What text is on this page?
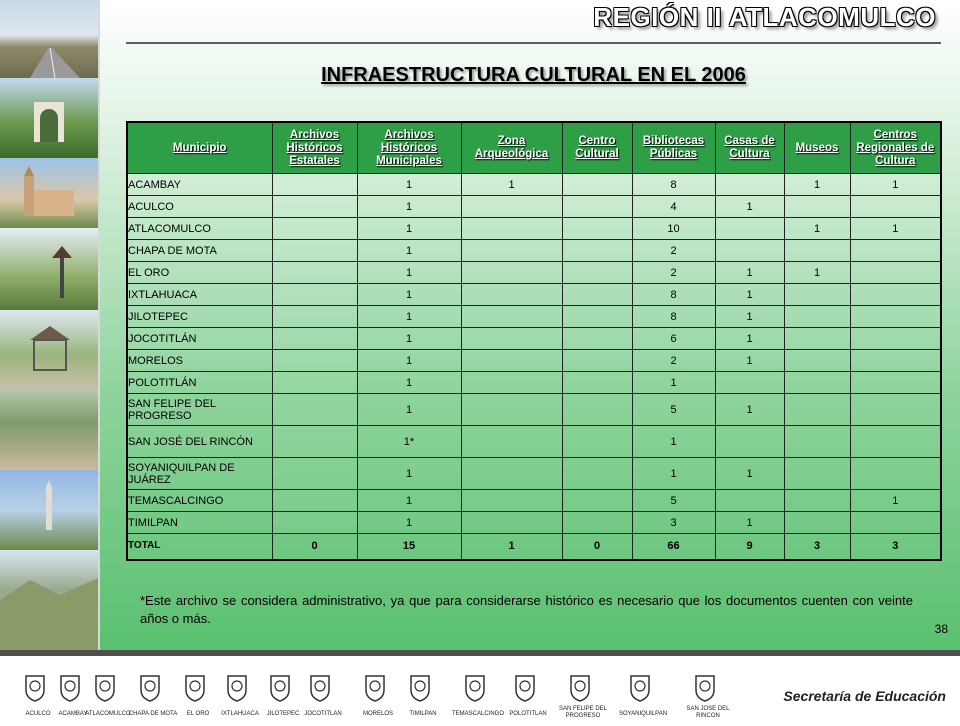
REGIÓN II ATLACOMULCO
INFRAESTRUCTURA CULTURAL EN EL 2006
Municipio	Archivos Históricos Estatales	Archivos Históricos Municipales	Zona Arqueológica	Centro Cultural	Bibliotecas Públicas	Casas de Cultura	Museos	Centros Regionales de Cultura
ACAMBAY		1	1		8		1	1
ACULCO		1			4	1		
ATLACOMULCO		1			10		1	1
CHAPA DE MOTA		1			2			
EL ORO		1			2	1	1	
IXTLAHUACA		1			8	1		
JILOTEPEC		1			8	1		
JOCOTITLÁN		1			6	1		
MORELOS		1			2	1		
POLOTITLÁN		1			1			
SAN FELIPE DEL PROGRESO		1			5	1		
SAN JOSÉ DEL RINCÓN		1*			1			
SOYANIQUILPAN DE JUÁREZ		1			1	1		
TEMASCALCINGO		1			5			1
TIMILPAN		1			3	1		
TOTAL	0	15	1	0	66	9	3	3
*Este archivo se considera administrativo, ya que para considerarse histórico es necesario que los documentos cuenten con veinte años o más.
38
ACULCO	ACAMBAY
ATLACOMULCO
CHAPA DE MOTA	EL ORO	IXTLAHUACA	JILOTEPEC JOCOTITLAN	MORELOS	TIMILPAN	TEMASCALCINGO POLOTITLAN
SAN FELIPE DEL PROGRESO	SOYANIQUILPAN
SAN JOSE DEL RINCON
Secretaría de Educación
